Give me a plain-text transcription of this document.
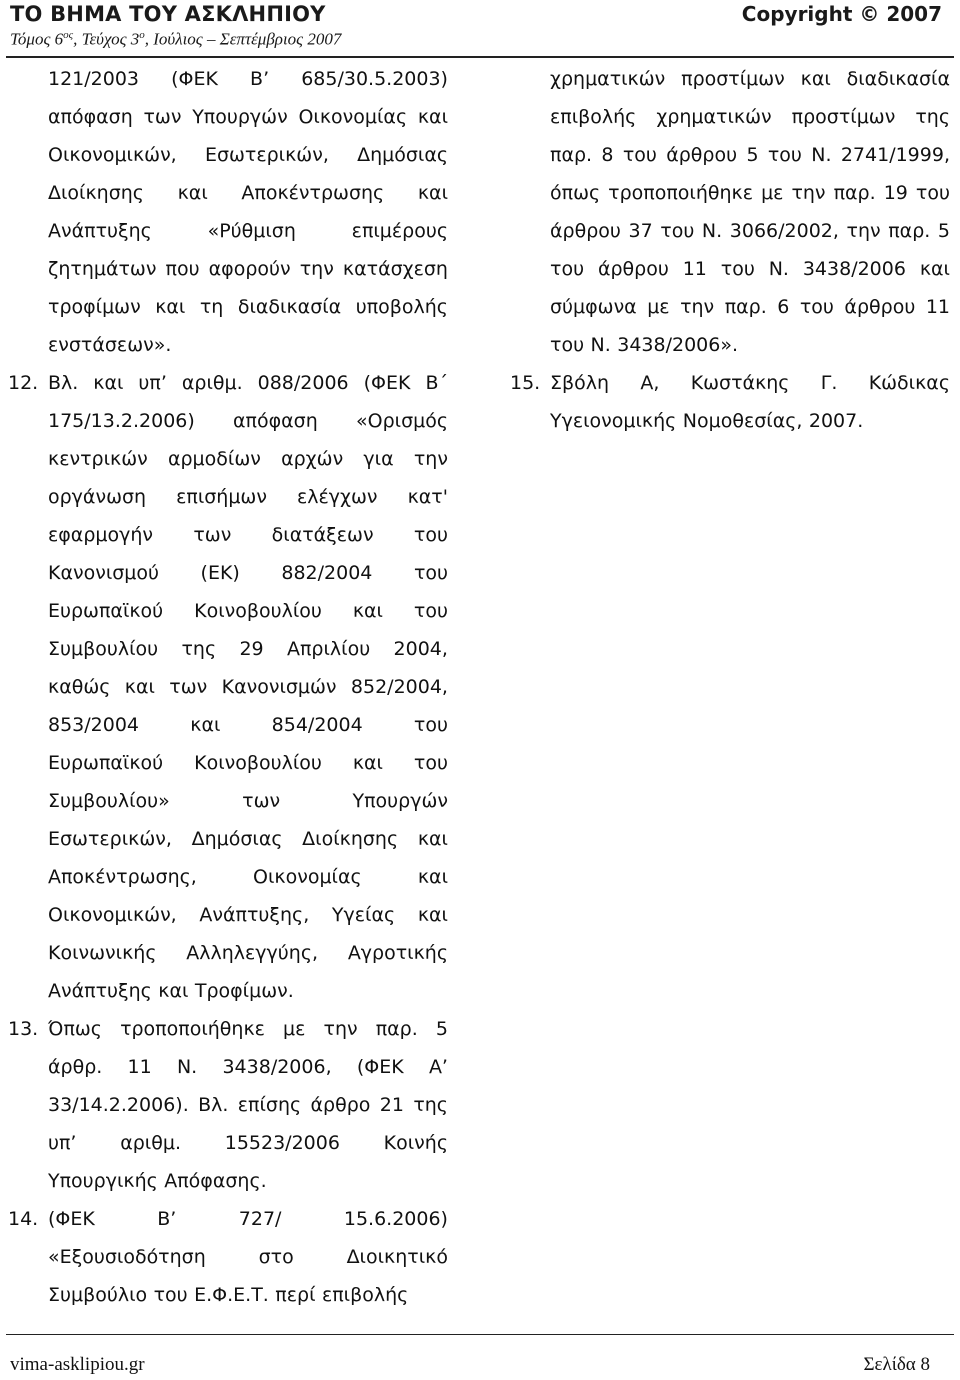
ΤΟ ΒΗΜΑ ΤΟΥ ΑΣΚΛΗΠΙΟΥ	Copyright © 2007
Τόμος $6^{o\varsigma}$, Τεύχος $3^o$, Ιούλιος – Σεπτέμβριος 2007
121/2003 (ΦΕΚ Β’ 685/30.5.2003)
απόφαση των Υπουργών Οικονομίας και
Οικονομικών, Εσωτερικών, Δημόσιας
Διοίκησης και Αποκέντρωσης και
Ανάπτυξης	«Ρύθμιση	επιμέρους
ζητημάτων που αφορούν την κατάσχεση
τροφίμων και τη διαδικασία υποβολής
ενστάσεων».
12. Βλ. και υπ’ αριθμ. 088/2006 (ΦΕΚ Β΄
175/13.2.2006) απόφαση «Ορισμός
κεντρικών αρμοδίων αρχών για την
οργάνωση επισήμων ελέγχων κατ'
εφαρμογήν των διατάξεων του
Κανονισμού (ΕΚ) 882/2004 του
Ευρωπαϊκού Κοινοβουλίου και του
Συμβουλίου της 29 Απριλίου 2004,
καθώς και των Κανονισμών 852/2004,
853/2004	και	854/2004	του
Ευρωπαϊκού Κοινοβουλίου και του
Συμβουλίου»	των	Υπουργών
Εσωτερικών, Δημόσιας Διοίκησης και
Αποκέντρωσης,	Οικονομίας	και
Οικονομικών, Ανάπτυξης, Υγείας και
Κοινωνικής Αλληλεγγύης, Αγροτικής
Ανάπτυξης και Τροφίμων.
13. Όπως τροποποιήθηκε με την παρ. 5
άρθρ. 11 Ν. 3438/2006, (ΦΕΚ Α’
33/14.2.2006). Βλ. επίσης άρθρο 21 της
υπ’ αριθμ. 15523/2006 Κοινής
Υπουργικής Απόφασης.
14. (ΦΕΚ	Β’	727/	15.6.2006)
«Εξουσιοδότηση	στο	Διοικητικό
Συμβούλιο του Ε.Φ.Ε.Τ. περί επιβολής
χρηματικών προστίμων και διαδικασία
επιβολής χρηματικών προστίμων της
παρ. 8 του άρθρου 5 του Ν. 2741/1999,
όπως τροποποιήθηκε με την παρ. 19 του
άρθρου 37 του Ν. 3066/2002, την παρ. 5
του άρθρου 11 του Ν. 3438/2006 και
σύμφωνα με την παρ. 6 του άρθρου 11
του Ν. 3438/2006».
15. Σβόλη Α, Κωστάκης Γ. Κώδικας
Υγειονομικής Νομοθεσίας, 2007.
vima-asklipiou.gr	Σελίδα 8
